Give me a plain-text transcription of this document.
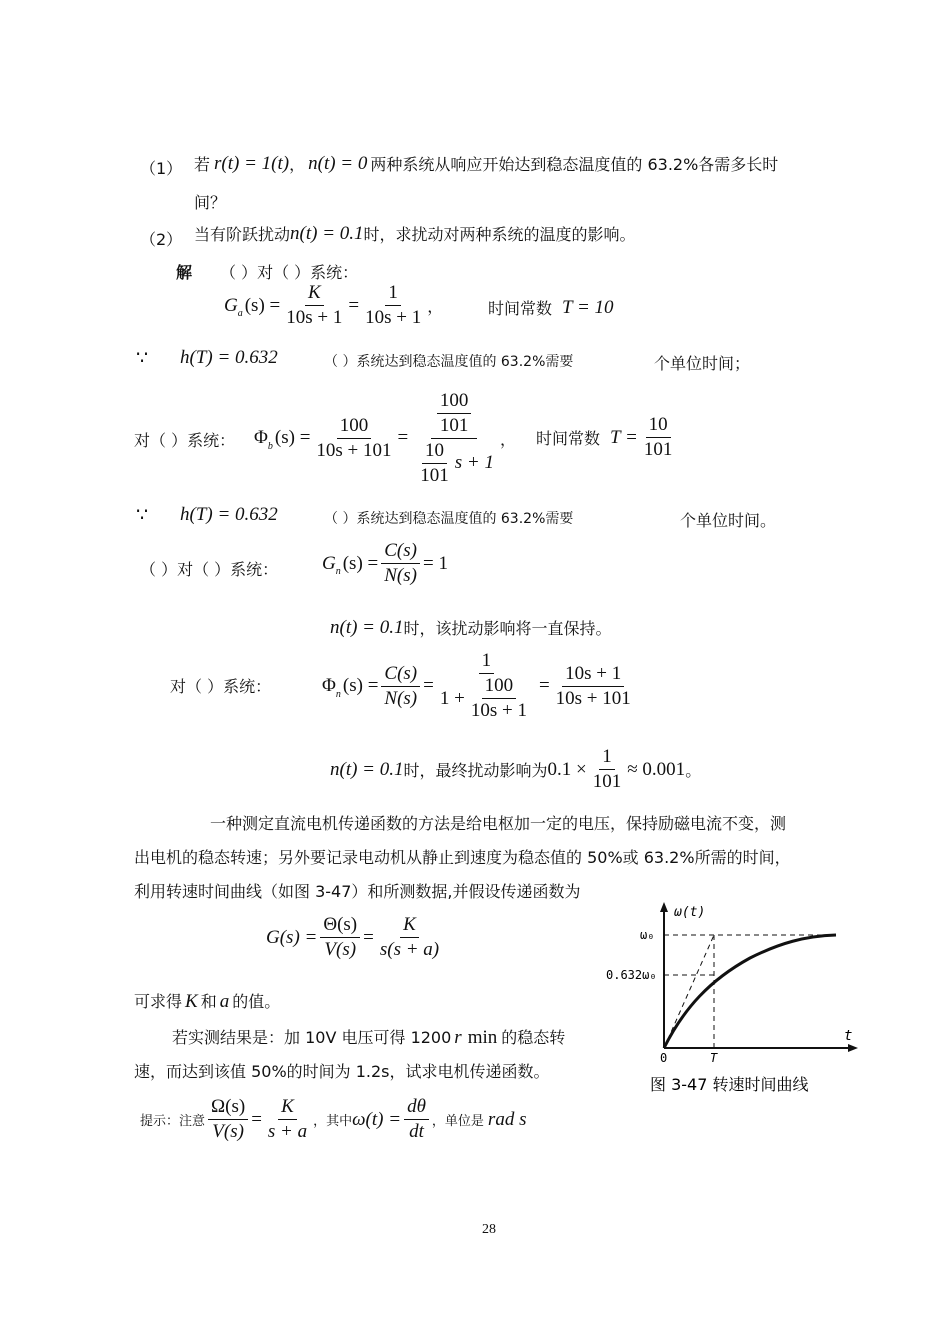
（1） 若 r(t) = 1(t) ， n(t) = 0 两种系统从响应开始达到稳态温度值的 63.2%各需多长时
间？
（2） 当有阶跃扰动 n(t) = 0.1 时，求扰动对两种系统的温度的影响。
解 （ ）对（ ）系统：
G a $(s) = \frac{K}{10s + 1} = \frac{1}{10s + 1}$ ，	时间常数 T = 10
∵ h(T) = 0.632	（ ）系统达到稳态温度值的 63.2%需要	个单位时间；
对（ ）系统： Φ b $(s) = \frac{100}{10s + 101} = \frac{\frac{100}{101}}{\frac{10}{101} s + 1}$ ， 时间常数 $T = \frac{10}{101}$
∵ h(T) = 0.632	（ ）系统达到稳态温度值的 63.2%需要	个单位时间。
（ ）对（ ）系统： G n $(s) = \frac{C(s)}{N(s)} = 1$
n(t) = 0.1 时，该扰动影响将一直保持。
对（ ）系统：	Φ n $(s) = \frac{C(s)}{N(s)} = \frac{1}{1 + \frac{100}{10s + 1}} = \frac{10s + 1}{10s + 101}$
n(t) = 0.1 时，最终扰动影响为 $0.1 \times \frac{1}{101} \approx 0.001$ 。
一种测定直流电机传递函数的方法是给电枢加一定的电压，保持励磁电流不变，测
出电机的稳态转速；另外要记录电动机从静止到速度为稳态值的 50%或 63.2%所需的时间，
利用转速时间曲线（如图 3-47）和所测数据,并假设传递函数为
$G(s) = \frac{\Theta(s)}{V(s)} = \frac{K}{s(s + a)}$
可求得 K 和 a 的值。
若实测结果是：加 10V 电压可得 1200 r min 的稳态转
速，而达到该值 50%的时间为 1.2s，试求电机传递函数。
提示：注意 $\frac{\Omega(s)}{V(s)} = \frac{K}{s + a}$ ，其中 $\omega(t) = \frac{d\theta}{dt}$ ，单位是 rad s
ω(t)
ω₀
0.632ω₀
0	T
t
图 3-47 转速时间曲线
28
